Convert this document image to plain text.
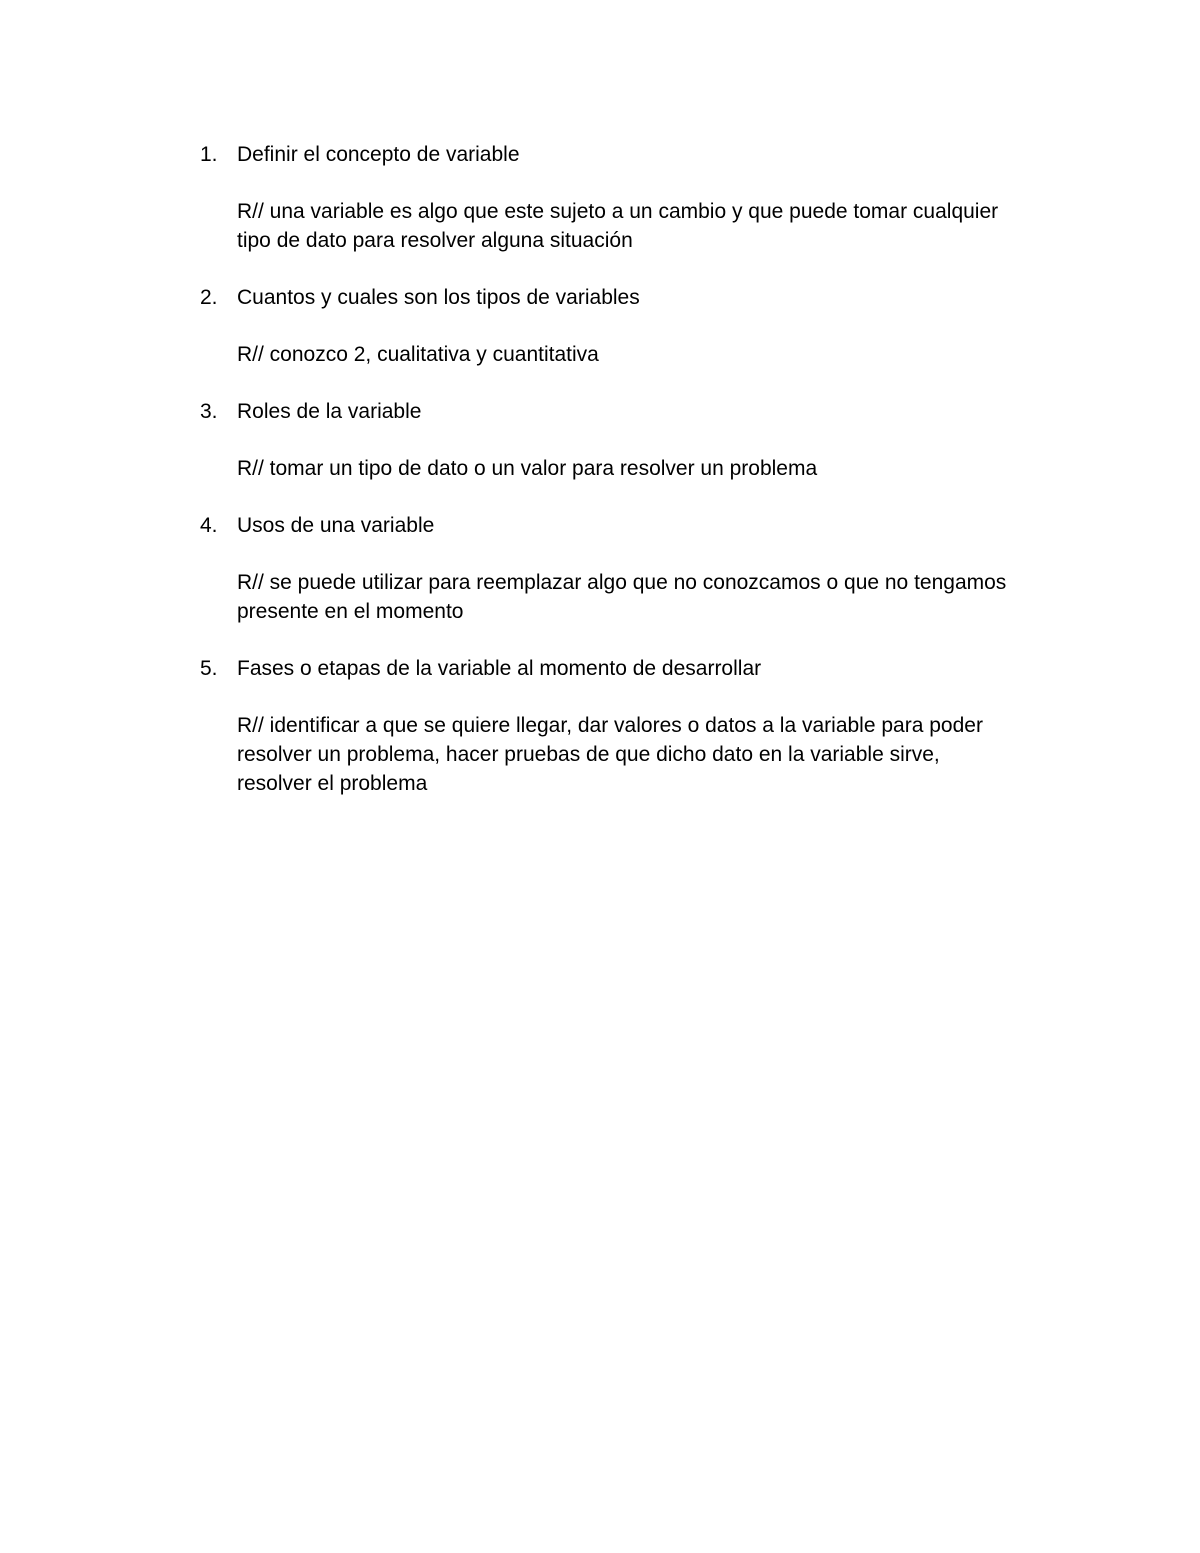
1. Definir el concepto de variable
R// una variable es algo que este sujeto a un cambio y que puede tomar cualquier
tipo de dato para resolver alguna situación
2. Cuantos y cuales son los tipos de variables
R// conozco 2, cualitativa y cuantitativa
3. Roles de la variable
R// tomar un tipo de dato o un valor para resolver un problema
4. Usos de una variable
R// se puede utilizar para reemplazar algo que no conozcamos o que no tengamos
presente en el momento
5. Fases o etapas de la variable al momento de desarrollar
R// identificar a que se quiere llegar, dar valores o datos a la variable para poder
resolver un problema, hacer pruebas de que dicho dato en la variable sirve,
resolver el problema
